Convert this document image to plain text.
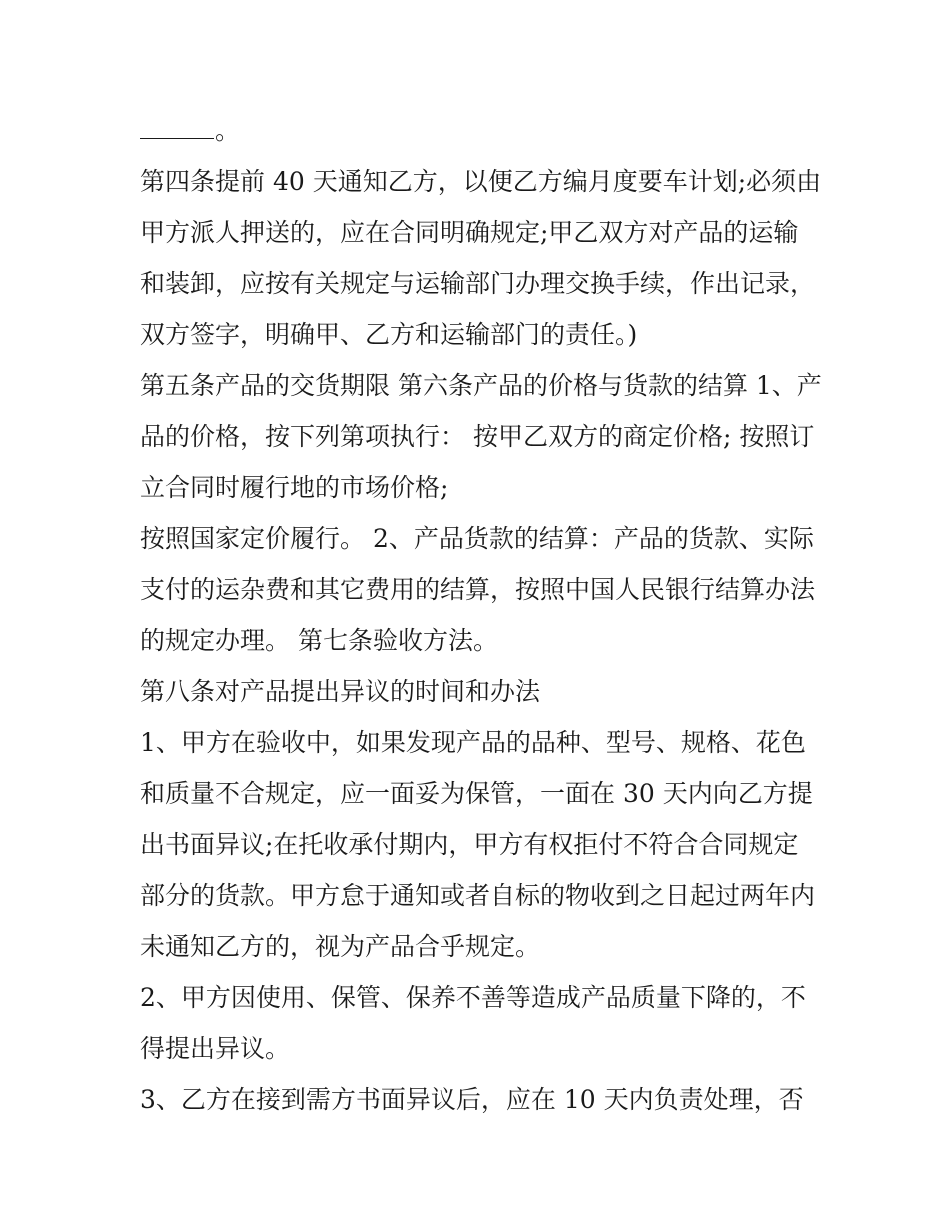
。
第四条提前 40 天通知乙方，以便乙方编月度要车计划;必须由
甲方派人押送的，应在合同明确规定;甲乙双方对产品的运输
和装卸，应按有关规定与运输部门办理交换手续，作出记录，
双方签字，明确甲、乙方和运输部门的责任。)
第五条产品的交货期限 第六条产品的价格与货款的结算 1、产
品的价格，按下列第项执行： 按甲乙双方的商定价格; 按照订
立合同时履行地的市场价格;
按照国家定价履行。 2、产品货款的结算：产品的货款、实际
支付的运杂费和其它费用的结算，按照中国人民银行结算办法
的规定办理。 第七条验收方法。
第八条对产品提出异议的时间和办法
1、甲方在验收中，如果发现产品的品种、型号、规格、花色
和质量不合规定，应一面妥为保管，一面在 30 天内向乙方提
出书面异议;在托收承付期内，甲方有权拒付不符合合同规定
部分的货款。甲方怠于通知或者自标的物收到之日起过两年内
未通知乙方的，视为产品合乎规定。
2、甲方因使用、保管、保养不善等造成产品质量下降的，不
得提出异议。
3、乙方在接到需方书面异议后，应在 10 天内负责处理，否
